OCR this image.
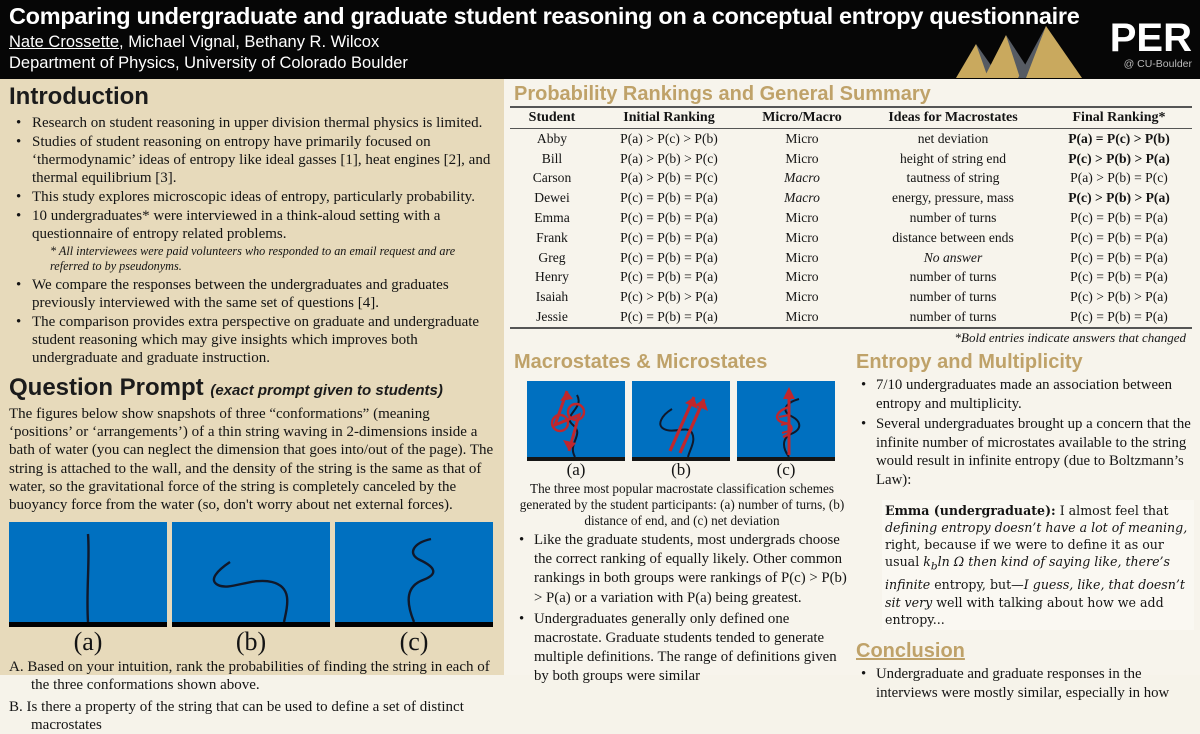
Comparing undergraduate and graduate student reasoning on a conceptual entropy questionnaire
Nate Crossette, Michael Vignal, Bethany R. Wilcox
Department of Physics, University of Colorado Boulder
PER
@ CU-Boulder
Introduction
• Research on student reasoning in upper division thermal physics is limited.
• Studies of student reasoning on entropy have primarily focused on ‘thermodynamic’ ideas of entropy like ideal gasses [1], heat engines [2], and thermal equilibrium [3].
• This study explores microscopic ideas of entropy, particularly probability.
• 10 undergraduates* were interviewed in a think-aloud setting with a questionnaire of entropy related problems.
* All interviewees were paid volunteers who responded to an email request and are referred to by pseudonyms.
• We compare the responses between the undergraduates and graduates previously interviewed with the same set of questions [4].
• The comparison provides extra perspective on graduate and undergraduate student reasoning which may give insights which improves both undergraduate and graduate instruction.
Question Prompt (exact prompt given to students)
The figures below show snapshots of three “conformations” (meaning ‘positions’ or ‘arrangements’) of a thin string waving in 2-dimensions inside a bath of water (you can neglect the dimension that goes into/out of the page). The string is attached to the wall, and the density of the string is the same as that of water, so the gravitational force of the string is completely canceled by the buoyancy force from the water (so, don't worry about net external forces).
(a)	(b)	(c)
A. Based on your intuition, rank the probabilities of finding the string in each of the three conformations shown above.
B. Is there a property of the string that can be used to define a set of distinct macrostates
Probability Rankings and General Summary
Student	Initial Ranking	Micro/Macro	Ideas for Macrostates	Final Ranking*
Abby	P(a) > P(c) > P(b)	Micro	net deviation	P(a) = P(c) > P(b)
Bill	P(a) > P(b) > P(c)	Micro	height of string end	P(c) > P(b) > P(a)
Carson	P(a) > P(b) = P(c)	Macro	tautness of string	P(a) > P(b) = P(c)
Dewei	P(c) = P(b) = P(a)	Macro	energy, pressure, mass	P(c) > P(b) > P(a)
Emma	P(c) = P(b) = P(a)	Micro	number of turns	P(c) = P(b) = P(a)
Frank	P(c) = P(b) = P(a)	Micro	distance between ends	P(c) = P(b) = P(a)
Greg	P(c) = P(b) = P(a)	Micro	No answer	P(c) = P(b) = P(a)
Henry	P(c) = P(b) = P(a)	Micro	number of turns	P(c) = P(b) = P(a)
Isaiah	P(c) > P(b) > P(a)	Micro	number of turns	P(c) > P(b) > P(a)
Jessie	P(c) = P(b) = P(a)	Micro	number of turns	P(c) = P(b) = P(a)
*Bold entries indicate answers that changed
Macrostates & Microstates
(a)	(b)	(c)
The three most popular macrostate classification schemes generated by the student participants: (a) number of turns, (b) distance of end, and (c) net deviation
• Like the graduate students, most undergrads choose the correct ranking of equally likely. Other common rankings in both groups were rankings of P(c) > P(b) > P(a) or a variation with P(a) being greatest.
• Undergraduates generally only defined one macrostate. Graduate students tended to generate multiple definitions. The range of definitions given by both groups were similar
Entropy and Multiplicity
• 7/10 undergraduates made an association between entropy and multiplicity.
• Several undergraduates brought up a concern that the infinite number of microstates available to the string would result in infinite entropy (due to Boltzmann’s Law):
Emma (undergraduate): I almost feel that defining entropy doesn’t have a lot of meaning, right, because if we were to define it as our usual $k_b\ln$ Ω then kind of saying like, there’s infinite entropy, but—I guess, like, that doesn’t sit very well with talking about how we add entropy...
Conclusion
• Undergraduate and graduate responses in the interviews were mostly similar, especially in how
